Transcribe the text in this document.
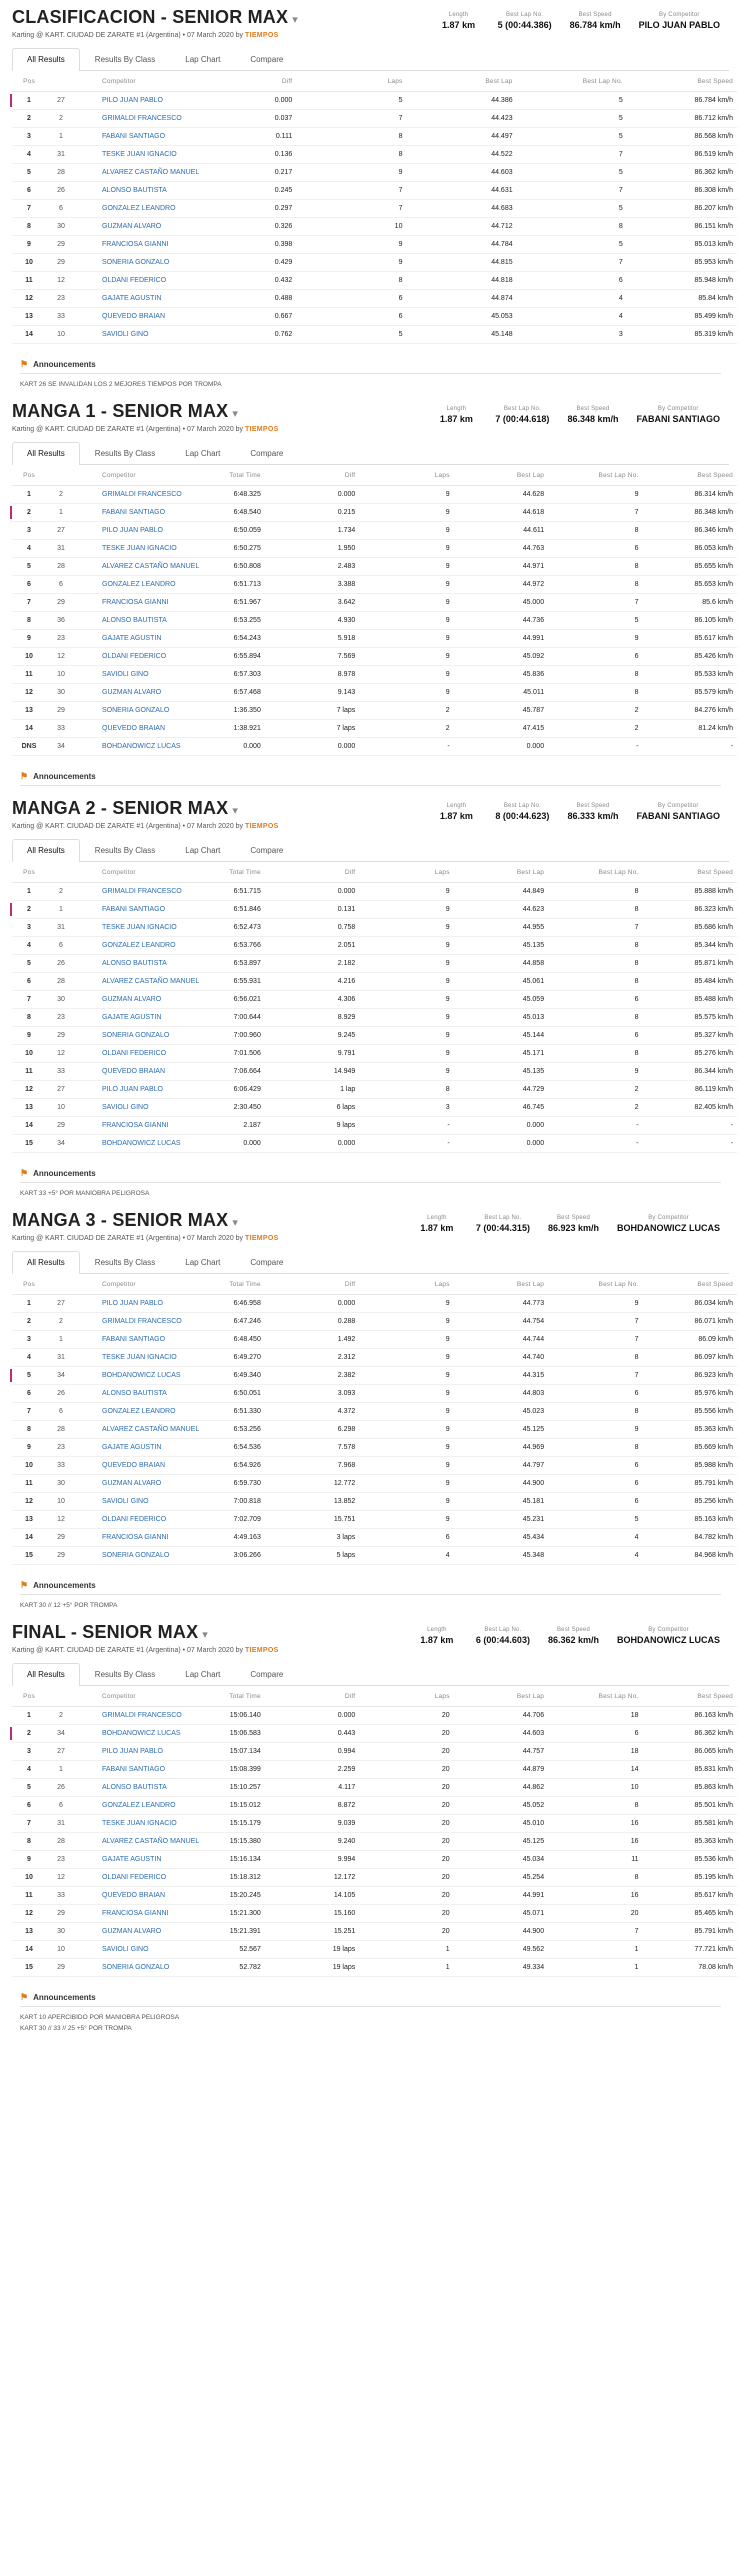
CLASIFICACION - SENIOR MAX ▾
Karting @ KART. CIUDAD DE ZARATE #1 (Argentina) • 07 March 2020 by TIEMPOS
Length
1.87 km
Best Lap No.
5 (00:44.386)
Best Speed
86.784 km/h
By Competitor
PILO JUAN PABLO
All Results	Results By Class	Lap Chart	Compare
Pos		Competitor	Diff	Laps	Best Lap	Best Lap No.	Best Speed
1	27	PILO JUAN PABLO	0.000	5	44.386	5	86.784 km/h
2	2	GRIMALDI FRANCESCO	0.037	7	44.423	5	86.712 km/h
3	1	FABANI SANTIAGO	0.111	8	44.497	5	86.568 km/h
4	31	TESKE JUAN IGNACIO	0.136	8	44.522	7	86.519 km/h
5	28	ALVAREZ CASTAÑO MANUEL	0.217	9	44.603	5	86.362 km/h
6	26	ALONSO BAUTISTA	0.245	7	44.631	7	86.308 km/h
7	6	GONZALEZ LEANDRO	0.297	7	44.683	5	86.207 km/h
8	30	GUZMAN ALVARO	0.326	10	44.712	8	86.151 km/h
9	29	FRANCIOSA GIANNI	0.398	9	44.784	5	85.013 km/h
10	29	SONERIA GONZALO	0.429	9	44.815	7	85.953 km/h
11	12	OLDANI FEDERICO	0.432	8	44.818	6	85.948 km/h
12	23	GAJATE AGUSTIN	0.488	6	44.874	4	85.84 km/h
13	33	QUEVEDO BRAIAN	0.667	6	45.053	4	85.499 km/h
14	10	SAVIOLI GINO	0.762	5	45.148	3	85.319 km/h
⚑ Announcements
KART 26 SE INVALIDAN LOS 2 MEJORES TIEMPOS POR TROMPA
MANGA 1 - SENIOR MAX ▾
Karting @ KART. CIUDAD DE ZARATE #1 (Argentina) • 07 March 2020 by TIEMPOS
Length
1.87 km
Best Lap No.
7 (00:44.618)
Best Speed
86.348 km/h
By Competitor
FABANI SANTIAGO
All Results	Results By Class	Lap Chart	Compare
Pos		Competitor	Total Time	Diff	Laps	Best Lap	Best Lap No.	Best Speed
1	2	GRIMALDI FRANCESCO	6:48.325	0.000	9	44.628	9	86.314 km/h
2	1	FABANI SANTIAGO	6:48.540	0.215	9	44.618	7	86.348 km/h
3	27	PILO JUAN PABLO	6:50.059	1.734	9	44.611	8	86.346 km/h
4	31	TESKE JUAN IGNACIO	6:50.275	1.950	9	44.763	6	86.053 km/h
5	28	ALVAREZ CASTAÑO MANUEL	6:50.808	2.483	9	44.971	8	85.655 km/h
6	6	GONZALEZ LEANDRO	6:51.713	3.388	9	44.972	8	85.653 km/h
7	29	FRANCIOSA GIANNI	6:51.967	3.642	9	45.000	7	85.6 km/h
8	36	ALONSO BAUTISTA	6:53.255	4.930	9	44.736	5	86.105 km/h
9	23	GAJATE AGUSTIN	6:54.243	5.918	9	44.991	9	85.617 km/h
10	12	OLDANI FEDERICO	6:55.894	7.569	9	45.092	6	85.426 km/h
11	10	SAVIOLI GINO	6:57.303	8.978	9	45.836	8	85.533 km/h
12	30	GUZMAN ALVARO	6:57.468	9.143	9	45.011	8	85.579 km/h
13	29	SONERIA GONZALO	1:36.350	7 laps	2	45.787	2	84.276 km/h
14	33	QUEVEDO BRAIAN	1:38.921	7 laps	2	47.415	2	81.24 km/h
DNS	34	BOHDANOWICZ LUCAS	0.000	0.000	-	0.000	-	-
⚑ Announcements
MANGA 2 - SENIOR MAX ▾
Karting @ KART. CIUDAD DE ZARATE #1 (Argentina) • 07 March 2020 by TIEMPOS
Length
1.87 km
Best Lap No.
8 (00:44.623)
Best Speed
86.333 km/h
By Competitor
FABANI SANTIAGO
All Results	Results By Class	Lap Chart	Compare
Pos		Competitor	Total Time	Diff	Laps	Best Lap	Best Lap No.	Best Speed
1	2	GRIMALDI FRANCESCO	6:51.715	0.000	9	44.849	8	85.888 km/h
2	1	FABANI SANTIAGO	6:51.846	0.131	9	44.623	8	86.323 km/h
3	31	TESKE JUAN IGNACIO	6:52.473	0.758	9	44.955	7	85.686 km/h
4	6	GONZALEZ LEANDRO	6:53.766	2.051	9	45.135	8	85.344 km/h
5	26	ALONSO BAUTISTA	6:53.897	2.182	9	44.858	8	85.871 km/h
6	28	ALVAREZ CASTAÑO MANUEL	6:55.931	4.216	9	45.061	8	85.484 km/h
7	30	GUZMAN ALVARO	6:56.021	4.306	9	45.059	6	85.488 km/h
8	23	GAJATE AGUSTIN	7:00.644	8.929	9	45.013	8	85.575 km/h
9	29	SONERIA GONZALO	7:00.960	9.245	9	45.144	6	85.327 km/h
10	12	OLDANI FEDERICO	7:01.506	9.791	9	45.171	8	85.276 km/h
11	33	QUEVEDO BRAIAN	7:06.664	14.949	9	45.135	9	86.344 km/h
12	27	PILO JUAN PABLO	6:06.429	1 lap	8	44.729	2	86.119 km/h
13	10	SAVIOLI GINO	2:30.450	6 laps	3	46.745	2	82.405 km/h
14	29	FRANCIOSA GIANNI	2.187	9 laps	-	0.000	-	-
15	34	BOHDANOWICZ LUCAS	0.000	0.000	-	0.000	-	-
⚑ Announcements
KART 33 +5° POR MANIOBRA PELIGROSA
MANGA 3 - SENIOR MAX ▾
Karting @ KART. CIUDAD DE ZARATE #1 (Argentina) • 07 March 2020 by TIEMPOS
Length
1.87 km
Best Lap No.
7 (00:44.315)
Best Speed
86.923 km/h
By Competitor
BOHDANOWICZ LUCAS
All Results	Results By Class	Lap Chart	Compare
Pos		Competitor	Total Time	Diff	Laps	Best Lap	Best Lap No.	Best Speed
1	27	PILO JUAN PABLO	6:46.958	0.000	9	44.773	9	86.034 km/h
2	2	GRIMALDI FRANCESCO	6:47.246	0.288	9	44.754	7	86.071 km/h
3	1	FABANI SANTIAGO	6:48.450	1.492	9	44.744	7	86.09 km/h
4	31	TESKE JUAN IGNACIO	6:49.270	2.312	9	44.740	8	86.097 km/h
5	34	BOHDANOWICZ LUCAS	6:49.340	2.382	9	44.315	7	86.923 km/h
6	26	ALONSO BAUTISTA	6:50.051	3.093	9	44.803	6	85.976 km/h
7	6	GONZALEZ LEANDRO	6:51.330	4.372	9	45.023	8	85.556 km/h
8	28	ALVAREZ CASTAÑO MANUEL	6:53.256	6.298	9	45.125	9	85.363 km/h
9	23	GAJATE AGUSTIN	6:54.536	7.578	9	44.969	8	85.669 km/h
10	33	QUEVEDO BRAIAN	6:54.926	7.968	9	44.797	6	85.988 km/h
11	30	GUZMAN ALVARO	6:59.730	12.772	9	44.900	6	85.791 km/h
12	10	SAVIOLI GINO	7:00.818	13.852	9	45.181	6	85.256 km/h
13	12	OLDANI FEDERICO	7:02.709	15.751	9	45.231	5	85.163 km/h
14	29	FRANCIOSA GIANNI	4:49.163	3 laps	6	45.434	4	84.782 km/h
15	29	SONERIA GONZALO	3:06.266	5 laps	4	45.348	4	84.968 km/h
⚑ Announcements
KART 30 // 12 +5° POR TROMPA
FINAL - SENIOR MAX ▾
Karting @ KART. CIUDAD DE ZARATE #1 (Argentina) • 07 March 2020 by TIEMPOS
Length
1.87 km
Best Lap No.
6 (00:44.603)
Best Speed
86.362 km/h
By Competitor
BOHDANOWICZ LUCAS
All Results	Results By Class	Lap Chart	Compare
Pos		Competitor	Total Time	Diff	Laps	Best Lap	Best Lap No.	Best Speed
1	2	GRIMALDI FRANCESCO	15:06.140	0.000	20	44.706	18	86.163 km/h
2	34	BOHDANOWICZ LUCAS	15:06.583	0.443	20	44.603	6	86.362 km/h
3	27	PILO JUAN PABLO	15:07.134	0.994	20	44.757	18	86.065 km/h
4	1	FABANI SANTIAGO	15:08.399	2.259	20	44.879	14	85.831 km/h
5	26	ALONSO BAUTISTA	15:10.257	4.117	20	44.862	10	85.863 km/h
6	6	GONZALEZ LEANDRO	15:15.012	8.872	20	45.052	8	85.501 km/h
7	31	TESKE JUAN IGNACIO	15:15.179	9.039	20	45.010	16	85.581 km/h
8	28	ALVAREZ CASTAÑO MANUEL	15:15.380	9.240	20	45.125	16	85.363 km/h
9	23	GAJATE AGUSTIN	15:16.134	9.994	20	45.034	11	85.536 km/h
10	12	OLDANI FEDERICO	15:18.312	12.172	20	45.254	8	85.195 km/h
11	33	QUEVEDO BRAIAN	15:20.245	14.105	20	44.991	16	85.617 km/h
12	29	FRANCIOSA GIANNI	15:21.300	15.160	20	45.071	20	85.465 km/h
13	30	GUZMAN ALVARO	15:21.391	15.251	20	44.900	7	85.791 km/h
14	10	SAVIOLI GINO	52.567	19 laps	1	49.562	1	77.721 km/h
15	29	SONERIA GONZALO	52.782	19 laps	1	49.334	1	78.08 km/h
⚑ Announcements
KART 10 APERCIBIDO POR MANIOBRA PELIGROSA
KART 30 // 33 // 25 +5° POR TROMPA
